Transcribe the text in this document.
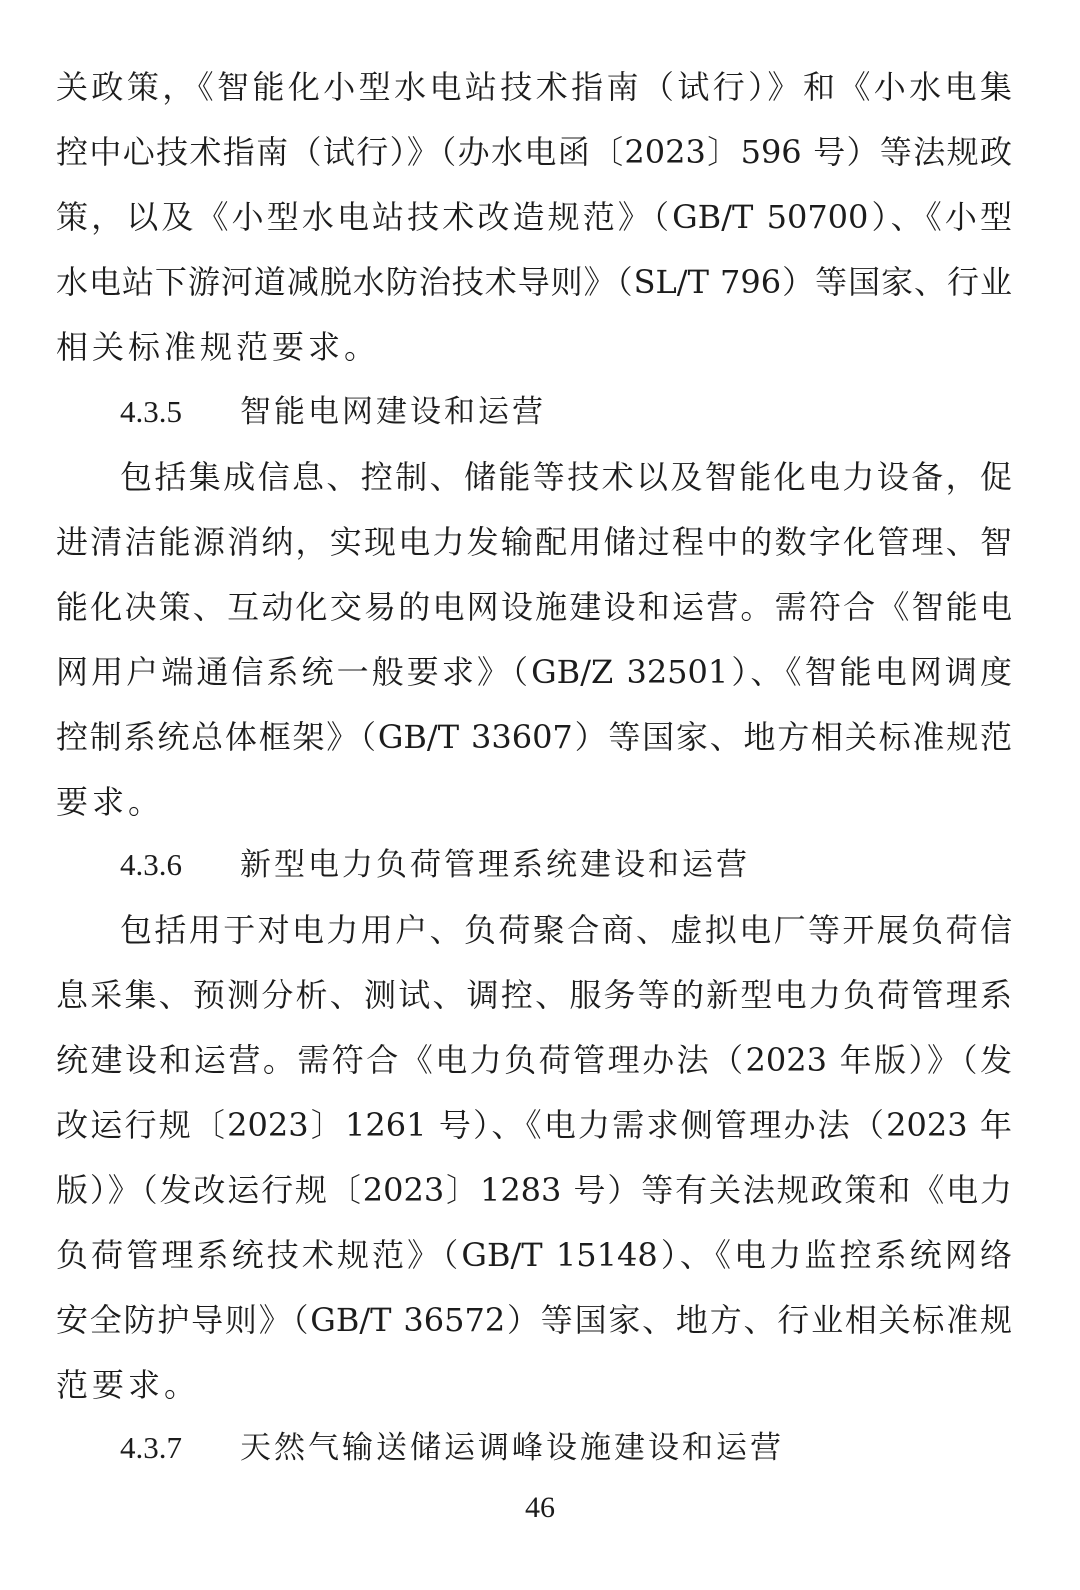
关政策，《智能化小型水电站技术指南（试行）》和《小水电集
控中心技术指南（试行）》（办水电函〔2023〕596 号）等法规政
策，以及《小型水电站技术改造规范》（GB/T 50700）、《小型
水电站下游河道减脱水防治技术导则》（SL/T 796）等国家、行业
相关标准规范要求。
4.3.5 智能电网建设和运营
包括集成信息、控制、储能等技术以及智能化电力设备，促
进清洁能源消纳，实现电力发输配用储过程中的数字化管理、智
能化决策、互动化交易的电网设施建设和运营。需符合《智能电
网用户端通信系统一般要求》（GB/Z 32501）、《智能电网调度
控制系统总体框架》（GB/T 33607）等国家、地方相关标准规范
要求。
4.3.6 新型电力负荷管理系统建设和运营
包括用于对电力用户、负荷聚合商、虚拟电厂等开展负荷信
息采集、预测分析、测试、调控、服务等的新型电力负荷管理系
统建设和运营。需符合《电力负荷管理办法（2023 年版）》（发
改运行规〔2023〕1261 号）、《电力需求侧管理办法（2023 年
版）》（发改运行规〔2023〕1283 号）等有关法规政策和《电力
负荷管理系统技术规范》（GB/T 15148）、《电力监控系统网络
安全防护导则》（GB/T 36572）等国家、地方、行业相关标准规
范要求。
4.3.7 天然气输送储运调峰设施建设和运营
46
